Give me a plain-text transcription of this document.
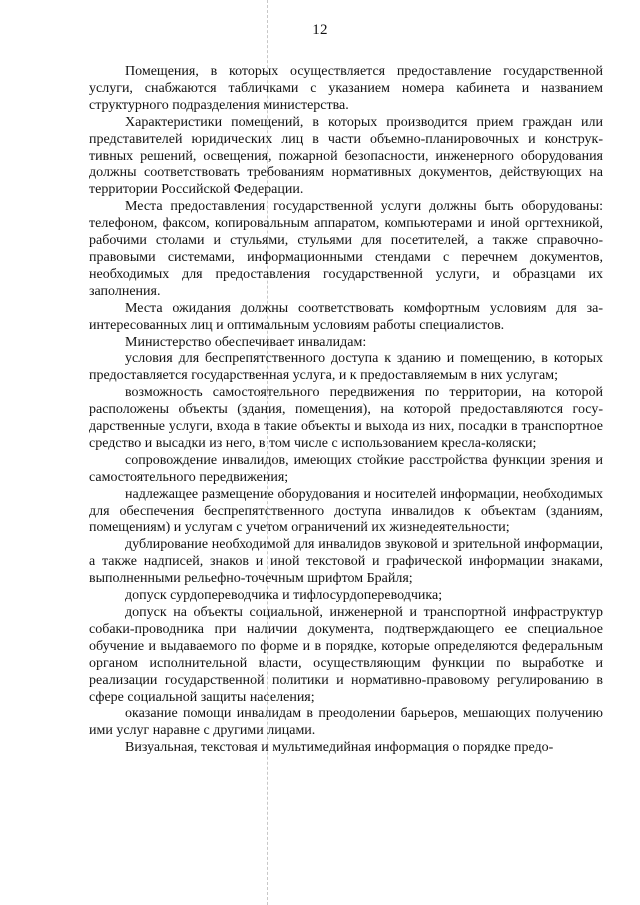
12

Помещения, в которых осуществляется предоставление государственной услуги, снабжаются табличками с указанием номера кабинета и названием структурного подразделения министерства.

Характеристики помещений, в которых производится прием граждан или представителей юридических лиц в части объемно-планировочных и конструктивных решений, освещения, пожарной безопасности, инженерного оборудования должны соответствовать требованиям нормативных документов, действующих на территории Российской Федерации.

Места предоставления государственной услуги должны быть оборудованы: телефоном, факсом, копировальным аппаратом, компьютерами и иной оргтехникой, рабочими столами и стульями, стульями для посетителей, а также справочно-правовыми системами, информационными стендами с перечнем документов, необходимых для предоставления государственной услуги, и образцами их заполнения.

Места ожидания должны соответствовать комфортным условиям для заинтересованных лиц и оптимальным условиям работы специалистов.

Министерство обеспечивает инвалидам:

условия для беспрепятственного доступа к зданию и помещению, в которых предоставляется государственная услуга, и к предоставляемым в них услугам;

возможность самостоятельного передвижения по территории, на которой расположены объекты (здания, помещения), на которой предоставляются государственные услуги, входа в такие объекты и выхода из них, посадки в транспортное средство и высадки из него, в том числе с использованием кресла-коляски;

сопровождение инвалидов, имеющих стойкие расстройства функции зрения и самостоятельного передвижения;

надлежащее размещение оборудования и носителей информации, необходимых для обеспечения беспрепятственного доступа инвалидов к объектам (зданиям, помещениям) и услугам с учетом ограничений их жизнедеятельности;

дублирование необходимой для инвалидов звуковой и зрительной информации, а также надписей, знаков и иной текстовой и графической информации знаками, выполненными рельефно-точечным шрифтом Брайля;

допуск сурдопереводчика и тифлосурдопереводчика;

допуск на объекты социальной, инженерной и транспортной инфраструктур собаки-проводника при наличии документа, подтверждающего ее специальное обучение и выдаваемого по форме и в порядке, которые определяются федеральным органом исполнительной власти, осуществляющим функции по выработке и реализации государственной политики и нормативно-правовому регулированию в сфере социальной защиты населения;

оказание помощи инвалидам в преодолении барьеров, мешающих получению ими услуг наравне с другими лицами.

Визуальная, текстовая и мультимедийная информация о порядке предо-
